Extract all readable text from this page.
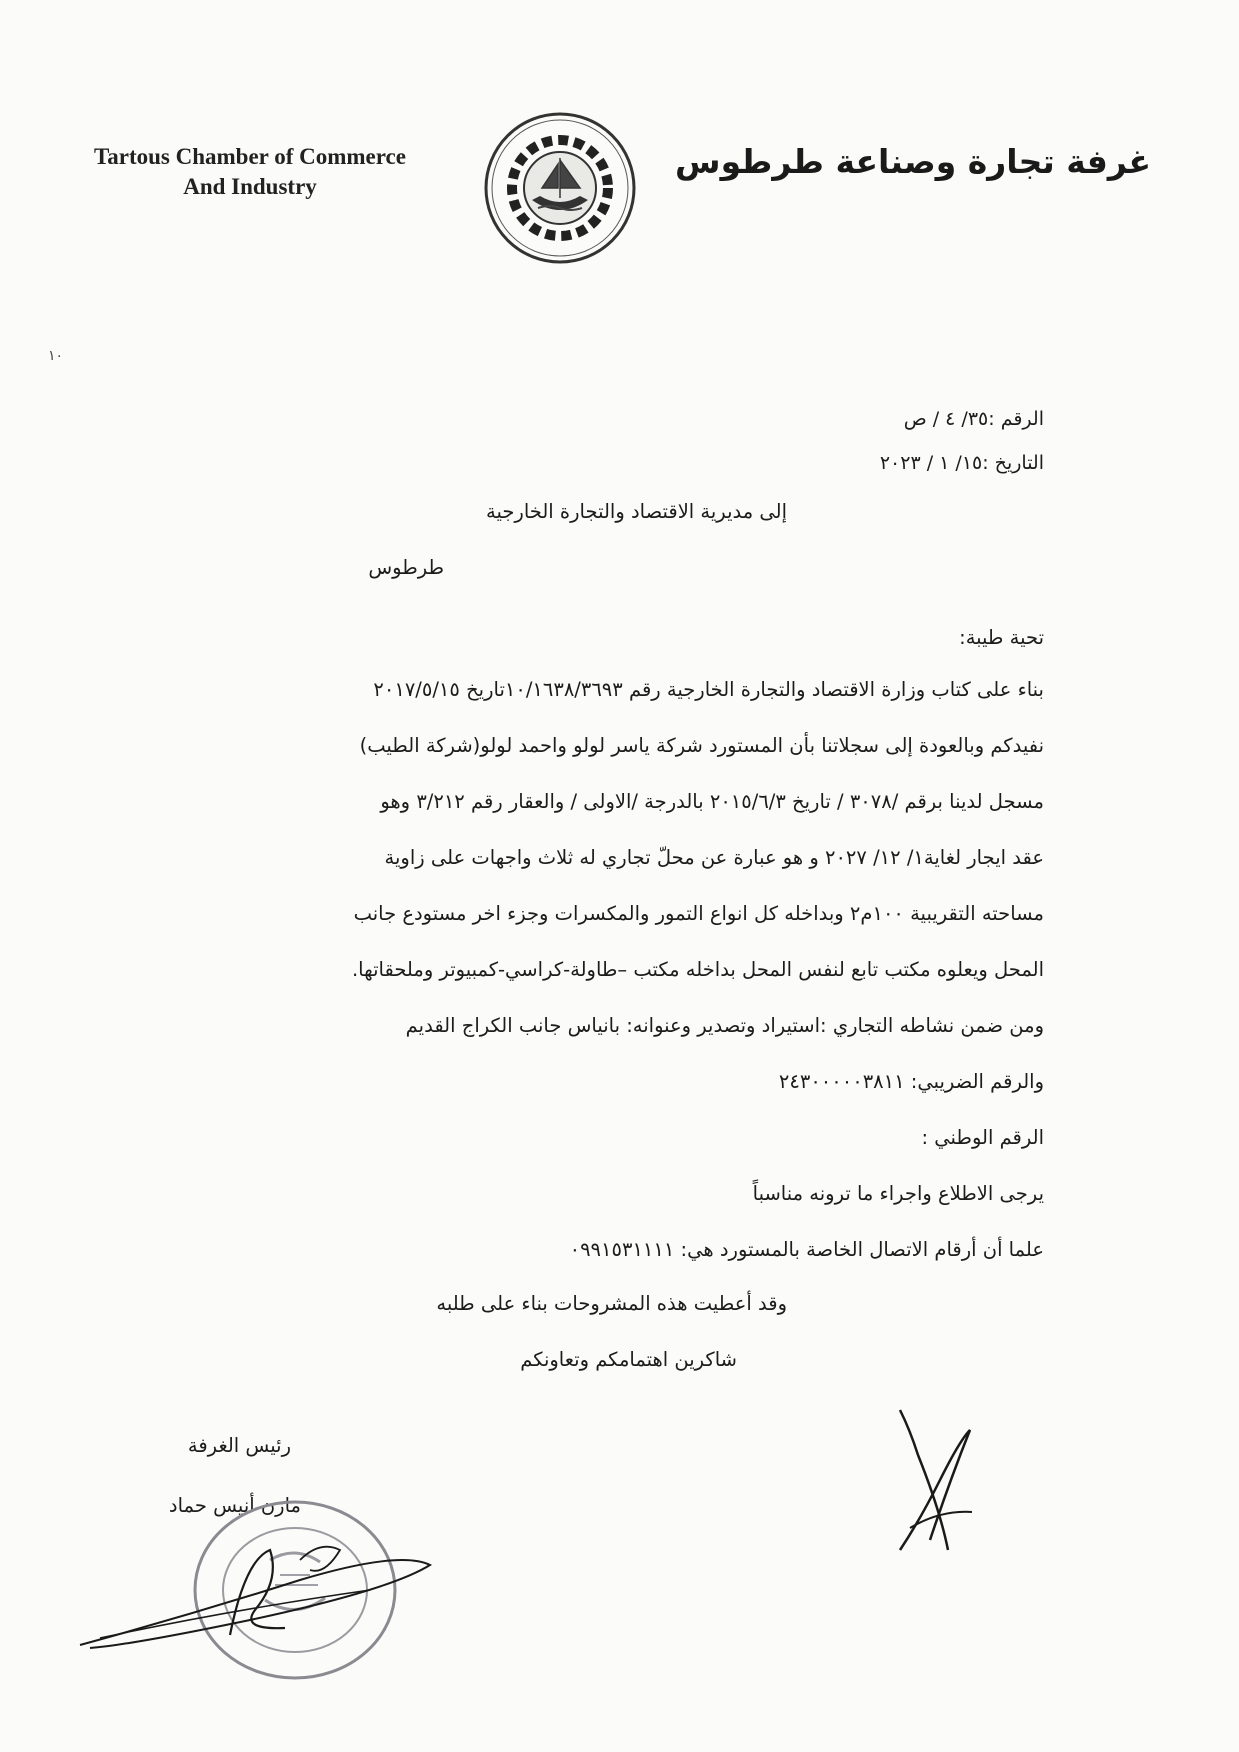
Tartous Chamber of Commerce
And Industry
غرفة تجارة وصناعة طرطوس
١٠
الرقم :٣٥/ ٤ / ص
التاريخ :١٥/ ١ / ٢٠٢٣
إلى مديرية الاقتصاد والتجارة الخارجية
طرطوس
تحية طيبة:
بناء على كتاب وزارة الاقتصاد والتجارة الخارجية رقم ١٠/١٦٣٨/٣٦٩٣تاريخ ٢٠١٧/٥/١٥
نفيدكم وبالعودة إلى سجلاتنا بأن المستورد شركة ياسر لولو واحمد لولو(شركة الطيب)
مسجل لدينا برقم /٣٠٧٨ / تاريخ ٢٠١٥/٦/٣ بالدرجة /الاولى / والعقار رقم ٣/٢١٢ وهو
عقد ايجار لغاية١/ ١٢/ ٢٠٢٧ و هو عبارة عن محلّ تجاري له ثلاث واجهات على زاوية
مساحته التقريبية ١٠٠م٢ وبداخله كل انواع التمور والمكسرات وجزء اخر مستودع جانب
المحل ويعلوه مكتب تابع لنفس المحل بداخله مكتب –طاولة-كراسي-كمبيوتر وملحقاتها.
ومن ضمن نشاطه التجاري :استيراد وتصدير وعنوانه: بانياس جانب الكراج القديم
والرقم الضريبي: ٢٤٣٠٠٠٠٠٣٨١١
الرقم الوطني :
يرجى الاطلاع واجراء ما ترونه مناسباً
علما أن أرقام الاتصال الخاصة بالمستورد هي: ٠٩٩١٥٣١١١١
وقد أعطيت هذه المشروحات بناء على طلبه
شاكرين اهتمامكم وتعاونكم
رئيس الغرفة
مازن أنيس حماد
